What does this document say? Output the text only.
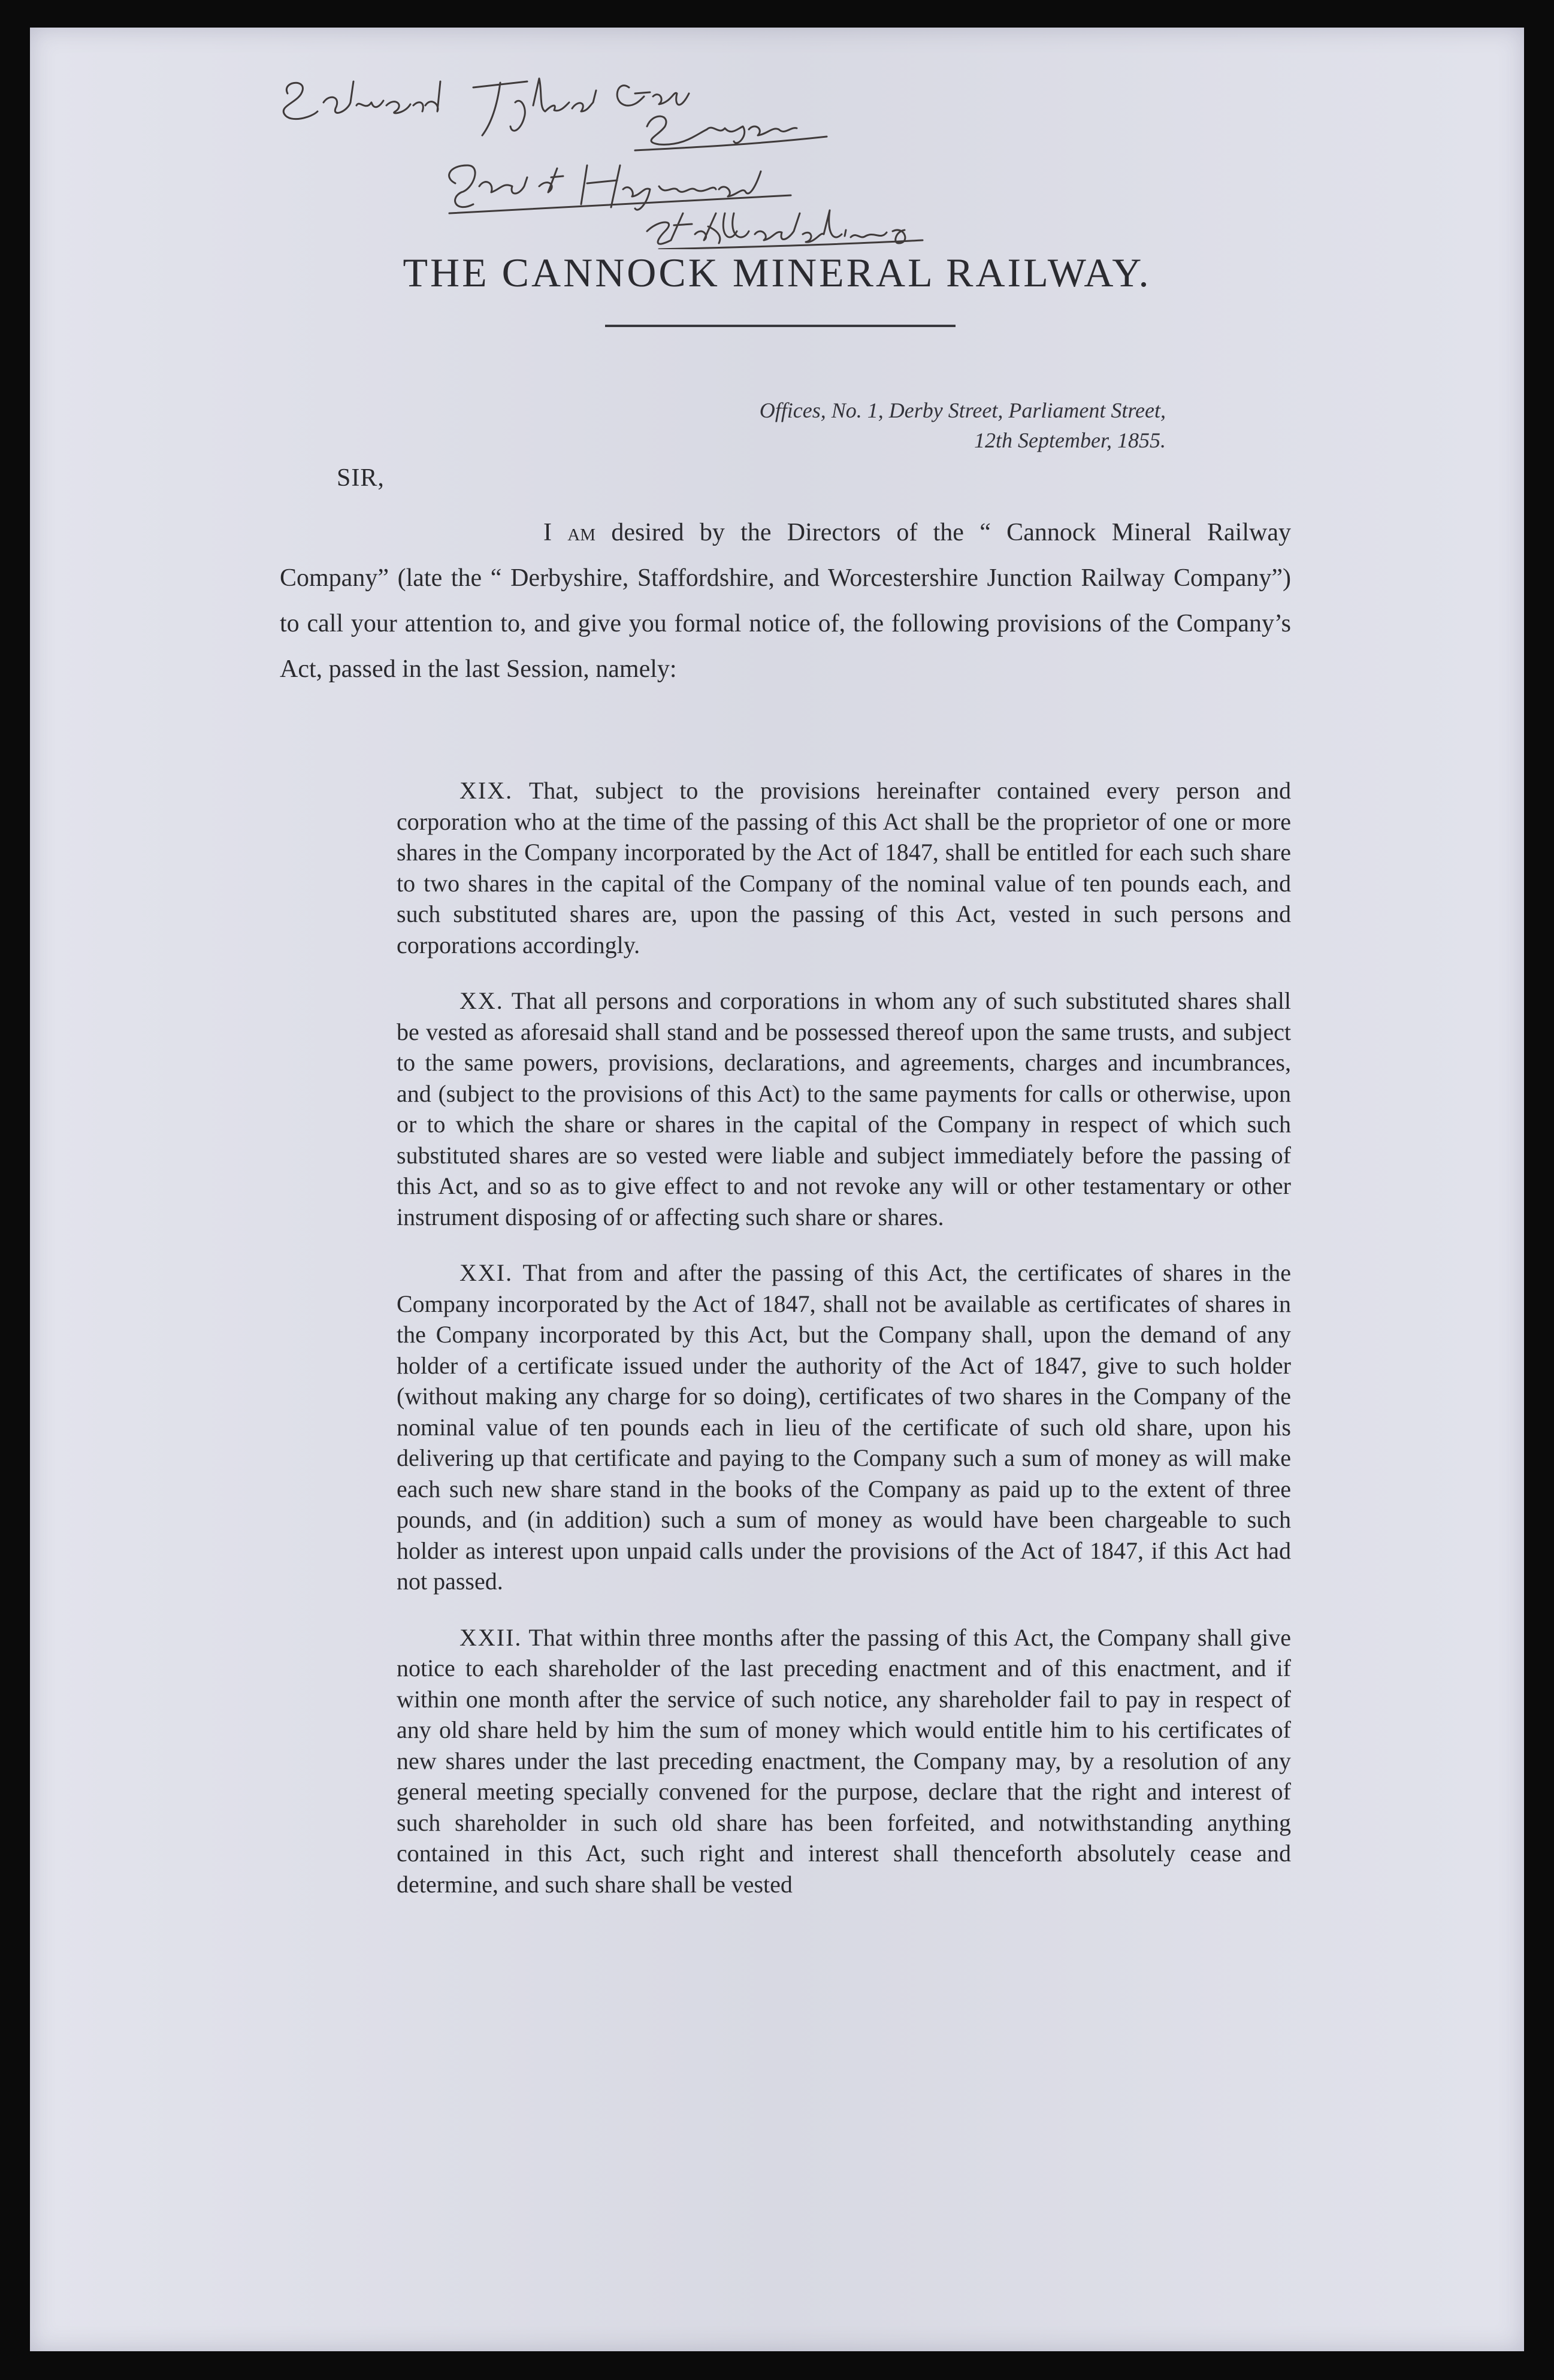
THE CANNOCK MINERAL RAILWAY.
Offices, No. 1, Derby Street, Parliament Street,
12th September, 1855.
SIR,
I am desired by the Directors of the “ Cannock Mineral Railway Company” (late the “ Derbyshire, Staffordshire, and Worcestershire Junction Railway Company”) to call your attention to, and give you formal notice of, the following provisions of the Company’s Act, passed in the last Session, namely:

XIX. That, subject to the provisions hereinafter contained every person and corporation who at the time of the passing of this Act shall be the proprietor of one or more shares in the Company incorporated by the Act of 1847, shall be entitled for each such share to two shares in the capital of the Company of the nominal value of ten pounds each, and such substituted shares are, upon the passing of this Act, vested in such persons and corporations accordingly.

XX. That all persons and corporations in whom any of such substituted shares shall be vested as aforesaid shall stand and be possessed thereof upon the same trusts, and subject to the same powers, provisions, declarations, and agreements, charges and incumbrances, and (subject to the provisions of this Act) to the same payments for calls or otherwise, upon or to which the share or shares in the capital of the Company in respect of which such substituted shares are so vested were liable and subject immediately before the passing of this Act, and so as to give effect to and not revoke any will or other testamentary or other instrument disposing of or affecting such share or shares.

XXI. That from and after the passing of this Act, the certificates of shares in the Company incorporated by the Act of 1847, shall not be available as certificates of shares in the Company incorporated by this Act, but the Company shall, upon the demand of any holder of a certificate issued under the authority of the Act of 1847, give to such holder (without making any charge for so doing), certificates of two shares in the Company of the nominal value of ten pounds each in lieu of the certificate of such old share, upon his delivering up that certificate and paying to the Company such a sum of money as will make each such new share stand in the books of the Company as paid up to the extent of three pounds, and (in addition) such a sum of money as would have been chargeable to such holder as interest upon unpaid calls under the provisions of the Act of 1847, if this Act had not passed.

XXII. That within three months after the passing of this Act, the Company shall give notice to each shareholder of the last preceding enactment and of this enactment, and if within one month after the service of such notice, any shareholder fail to pay in respect of any old share held by him the sum of money which would entitle him to his certificates of new shares under the last preceding enactment, the Company may, by a resolution of any general meeting specially convened for the purpose, declare that the right and interest of such shareholder in such old share has been forfeited, and notwithstanding anything contained in this Act, such right and interest shall thenceforth absolutely cease and determine, and such share shall be vested
